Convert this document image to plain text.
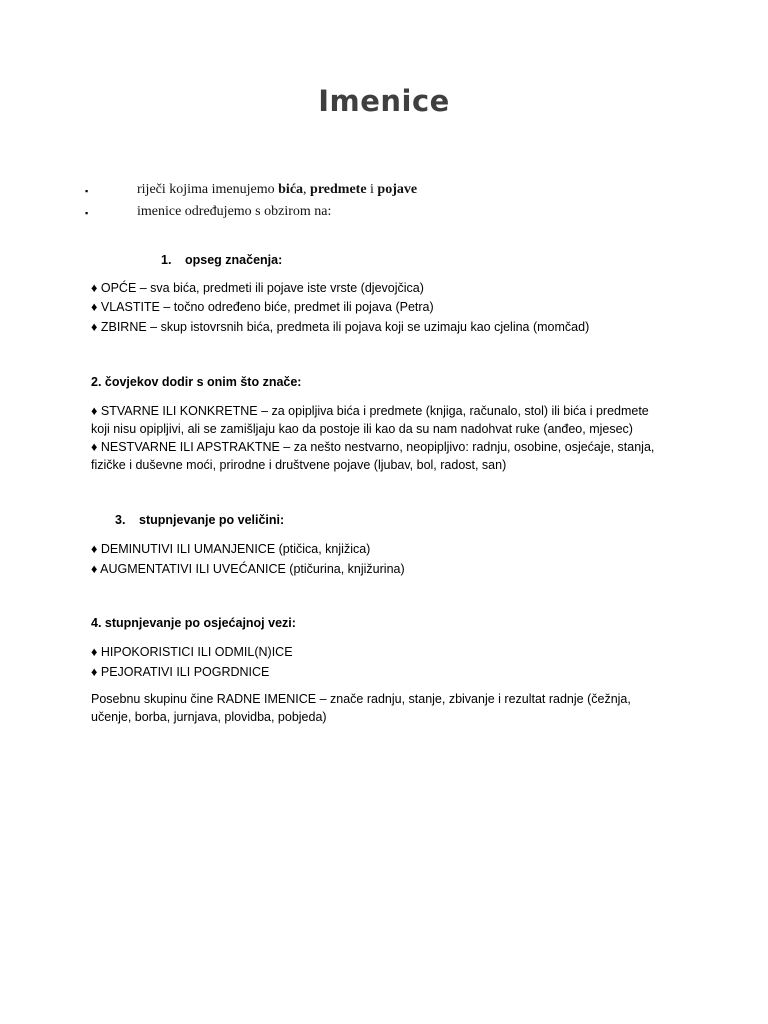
Imenice
▪	riječi kojima imenujemo bića, predmete i pojave
▪	imenice određujemo s obzirom na:
1. opseg značenja:
♦ OPĆE – sva bića, predmeti ili pojave iste vrste (djevojčica)
♦ VLASTITE – točno određeno biće, predmet ili pojava (Petra)
♦ ZBIRNE – skup istovrsnih bića, predmeta ili pojava koji se uzimaju kao cjelina (momčad)
2. čovjekov dodir s onim što znače:
♦ STVARNE ILI KONKRETNE – za opipljiva bića i predmete (knjiga, računalo, stol) ili bića i predmete
koji nisu opipljivi, ali se zamišljaju kao da postoje ili kao da su nam nadohvat ruke (anđeo, mjesec)
♦ NESTVARNE ILI APSTRAKTNE – za nešto nestvarno, neopipljivo: radnju, osobine, osjećaje, stanja,
fizičke i duševne moći, prirodne i društvene pojave (ljubav, bol, radost, san)
3. stupnjevanje po veličini:
♦ DEMINUTIVI ILI UMANJENICE (ptičica, knjižica)
♦ AUGMENTATIVI ILI UVEĆANICE (ptičurina, knjižurina)
4. stupnjevanje po osjećajnoj vezi:
♦ HIPOKORISTICI ILI ODMIL(N)ICE
♦ PEJORATIVI ILI POGRDNICE
Posebnu skupinu čine RADNE IMENICE – znače radnju, stanje, zbivanje i rezultat radnje (čežnja,
učenje, borba, jurnjava, plovidba, pobjeda)
